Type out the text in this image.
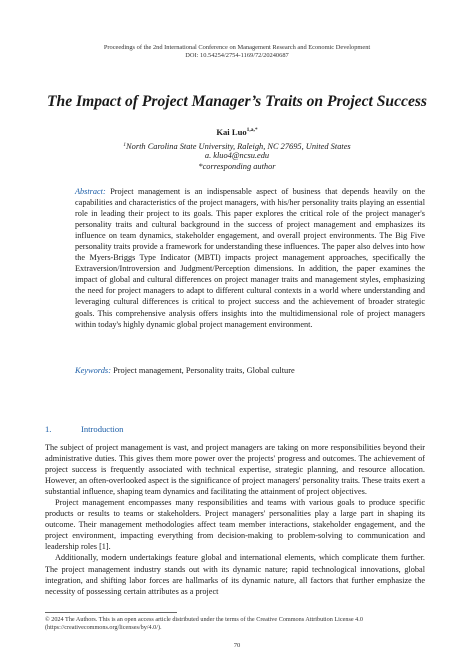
Proceedings of the 2nd International Conference on Management Research and Economic Development
DOI: 10.54254/2754-1169/72/20240687
The Impact of Project Manager’s Traits on Project Success
Kai Luo$^{1,a,*}$
$^1$North Carolina State University, Raleigh, NC 27695, United States
a. kluo4@ncsu.edu
*corresponding author
Abstract: Project management is an indispensable aspect of business that depends heavily on the capabilities and characteristics of the project managers, with his/her personality traits playing an essential role in leading their project to its goals. This paper explores the critical role of the project manager's personality traits and cultural background in the success of project management and emphasizes its influence on team dynamics, stakeholder engagement, and overall project environments. The Big Five personality traits provide a framework for understanding these influences. The paper also delves into how the Myers-Briggs Type Indicator (MBTI) impacts project management approaches, specifically the Extraversion/Introversion and Judgment/Perception dimensions. In addition, the paper examines the impact of global and cultural differences on project manager traits and management styles, emphasizing the need for project managers to adapt to different cultural contexts in a world where understanding and leveraging cultural differences is critical to project success and the achievement of broader strategic goals. This comprehensive analysis offers insights into the multidimensional role of project managers within today's highly dynamic global project management environment.
Keywords: Project management, Personality traits, Global culture
1.	Introduction

The subject of project management is vast, and project managers are taking on more responsibilities beyond their administrative duties. This gives them more power over the projects' progress and outcomes. The achievement of project success is frequently associated with technical expertise, strategic planning, and resource allocation. However, an often-overlooked aspect is the significance of project managers' personality traits. These traits exert a substantial influence, shaping team dynamics and facilitating the attainment of project objectives.

Project management encompasses many responsibilities and teams with various goals to produce specific products or results to teams or stakeholders. Project managers' personalities play a large part in shaping its outcome. Their management methodologies affect team member interactions, stakeholder engagement, and the project environment, impacting everything from decision-making to problem-solving to communication and leadership roles [1].

Additionally, modern undertakings feature global and international elements, which complicate them further. The project management industry stands out with its dynamic nature; rapid technological innovations, global integration, and shifting labor forces are hallmarks of its dynamic nature, all factors that further emphasize the necessity of possessing certain attributes as a project

© 2024 The Authors. This is an open access article distributed under the terms of the Creative Commons Attribution License 4.0 (https://creativecommons.org/licenses/by/4.0/).
70
